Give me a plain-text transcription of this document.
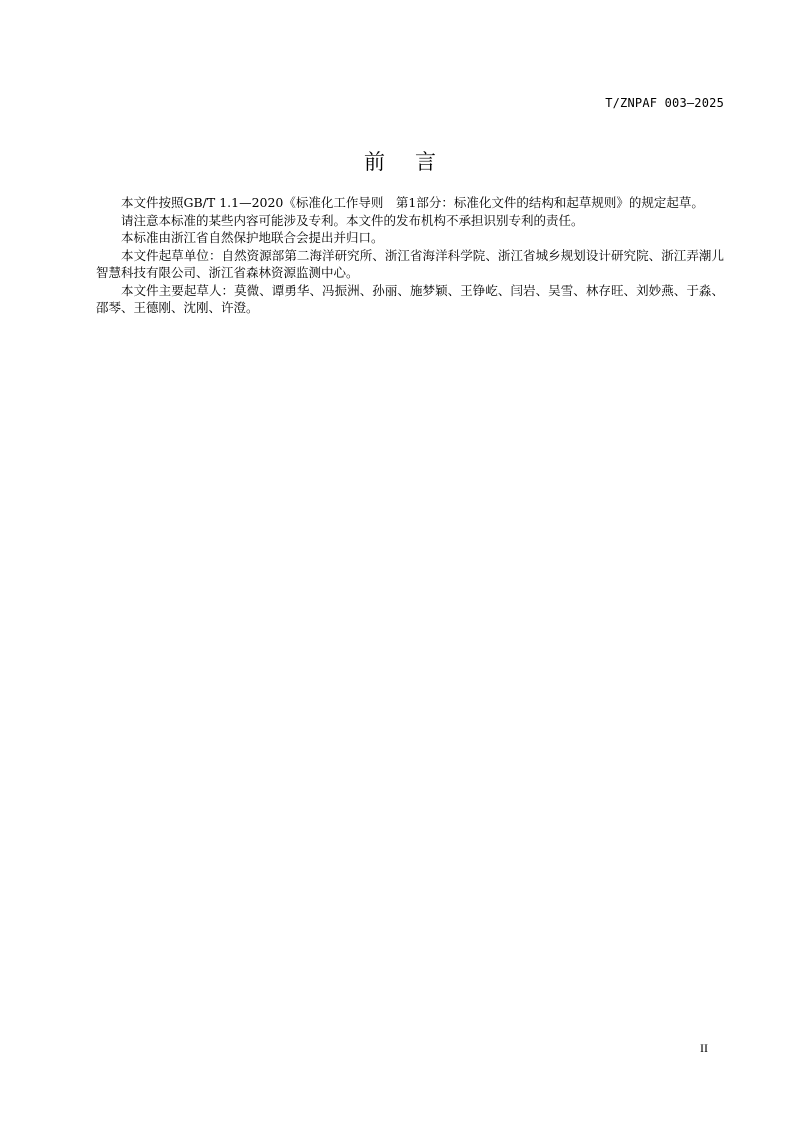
T/ZNPAF 003—2025
前言

本文件按照GB/T 1.1—2020《标准化工作导则　第1部分：标准化文件的结构和起草规则》的规定起草。

请注意本标准的某些内容可能涉及专利。本文件的发布机构不承担识别专利的责任。

本标准由浙江省自然保护地联合会提出并归口。

本文件起草单位：自然资源部第二海洋研究所、浙江省海洋科学院、浙江省城乡规划设计研究院、浙江弄潮儿智慧科技有限公司、浙江省森林资源监测中心。

本文件主要起草人：莫微、谭勇华、冯振洲、孙丽、施梦颖、王铮屹、闫岩、吴雪、林存旺、刘妙燕、于淼、邵琴、王德刚、沈刚、许澄。

II
